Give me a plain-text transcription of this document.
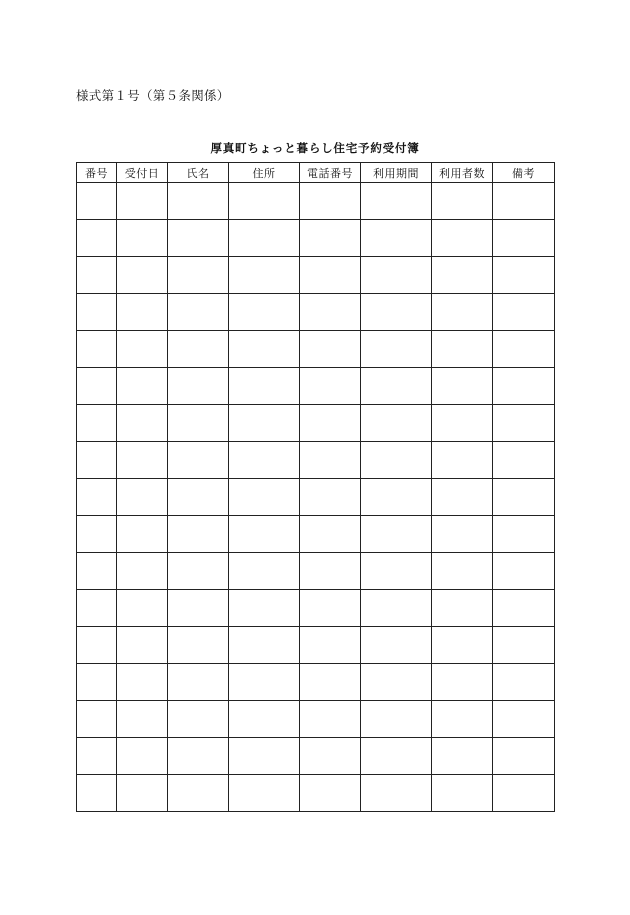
様式第１号（第５条関係）
厚真町ちょっと暮らし住宅予約受付簿
番号	受付日	氏名	住所	電話番号	利用期間	利用者数	備考
